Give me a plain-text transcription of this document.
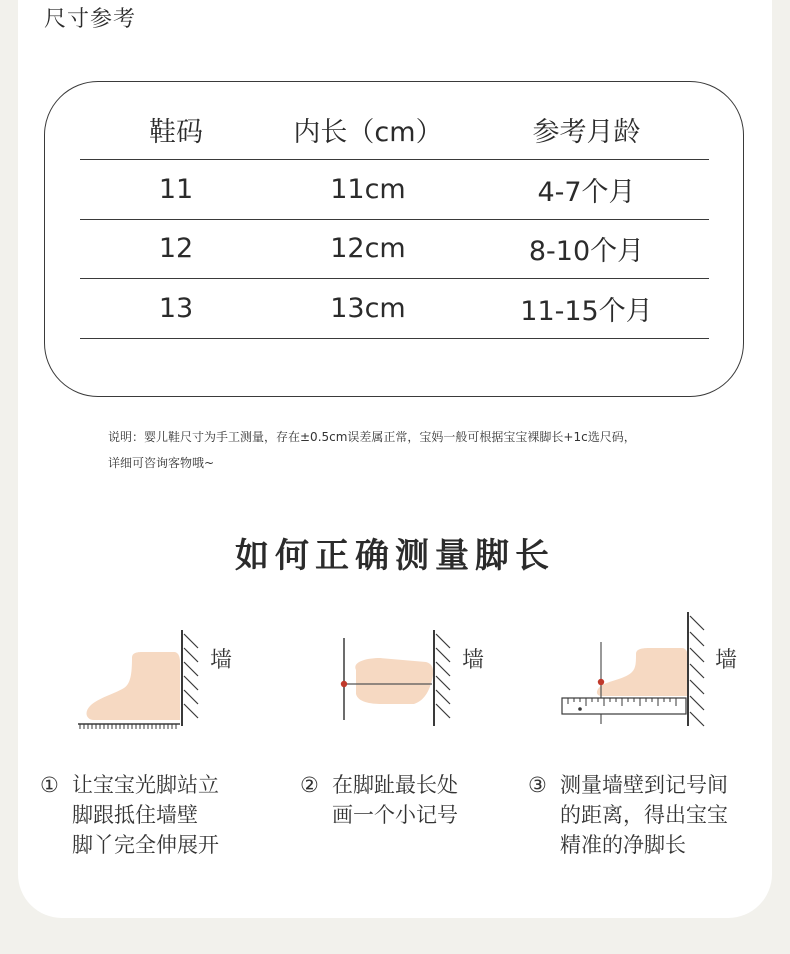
尺寸参考
鞋码	内长（cm）	参考月龄
11	11cm	4-7个月
12	12cm	8-10个月
13	13cm	11-15个月
说明：婴儿鞋尺寸为手工测量，存在±0.5cm误差属正常，宝妈一般可根据宝宝裸脚长+1c选尺码，
详细可咨询客物哦~
如何正确测量脚长
墙	墙	墙
① 让宝宝光脚站立
脚跟抵住墙壁
脚丫完全伸展开
② 在脚趾最长处
画一个小记号
③ 测量墙壁到记号间
的距离，得出宝宝
精准的净脚长
